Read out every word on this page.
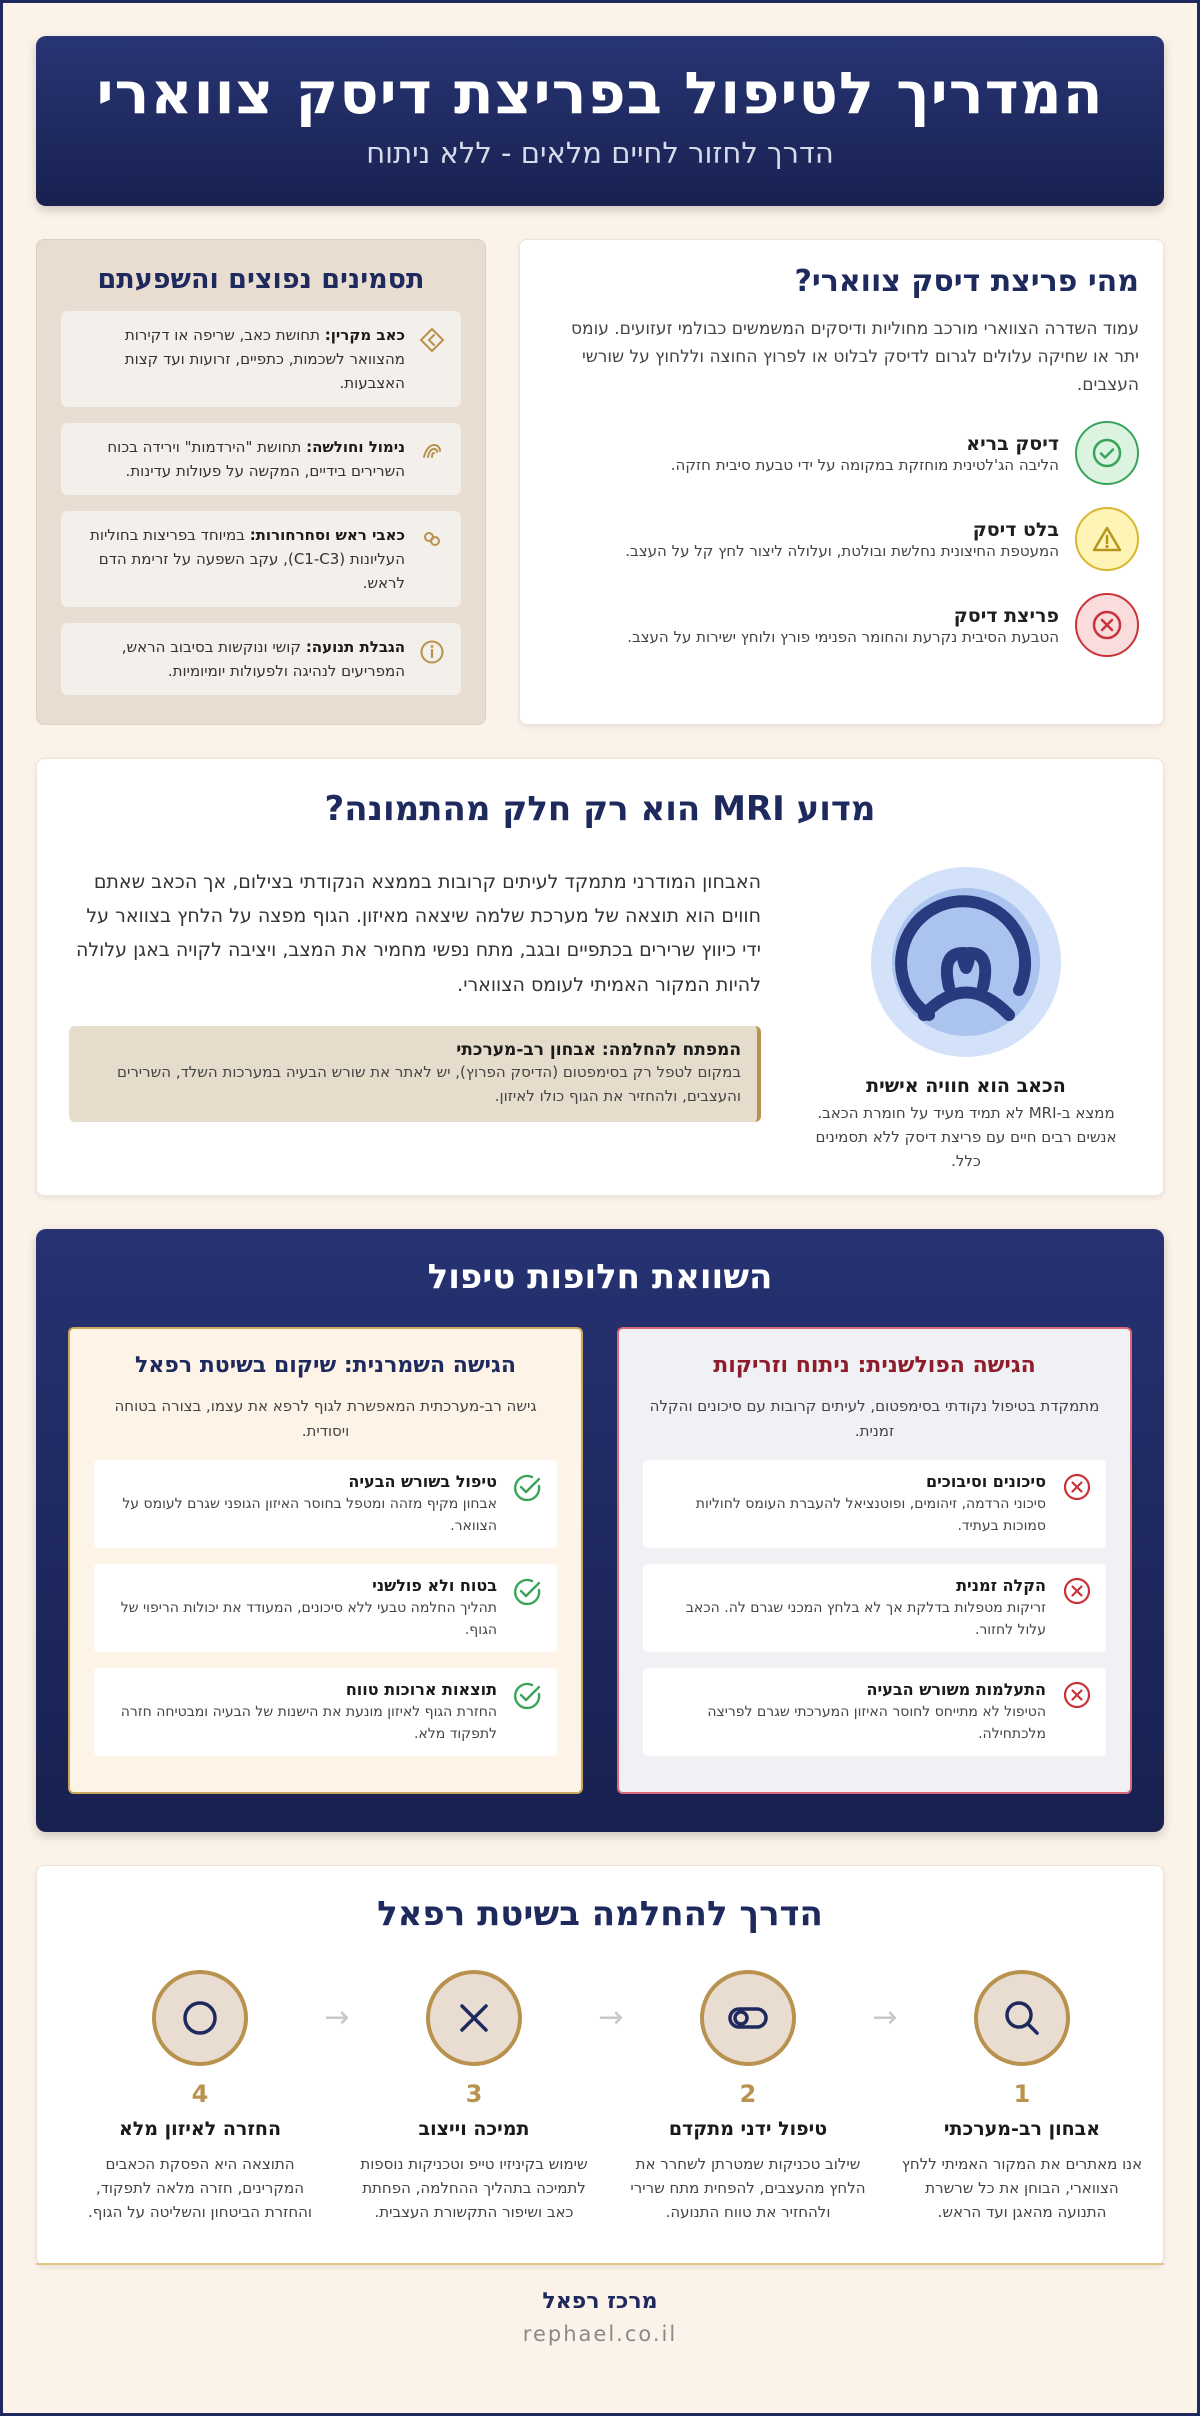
המדריך לטיפול בפריצת דיסק צווארי
הדרך לחזור לחיים מלאים - ללא ניתוח
מהי פריצת דיסק צווארי?

עמוד השדרה הצווארי מורכב מחוליות ודיסקים המשמשים כבולמי זעזועים. עומס יתר או שחיקה עלולים לגרום לדיסק לבלוט או לפרוץ החוצה וללחוץ על שורשי העצבים.

דיסק בריא
הליבה הג'לטינית מוחזקת במקומה על ידי טבעת סיבית חזקה.
בלט דיסק
המעטפת החיצונית נחלשת ובולטת, ועלולה ליצור לחץ קל על העצב.
פריצת דיסק
הטבעת הסיבית נקרעת והחומר הפנימי פורץ ולוחץ ישירות על העצב.
תסמינים נפוצים והשפעתם

כאב מקרין: תחושת כאב, שריפה או דקירות מהצוואר לשכמות, כתפיים, זרועות ועד קצות האצבעות.

נימול וחולשה: תחושת "הירדמות" וירידה בכוח השרירים בידיים, המקשה על פעולות עדינות.

כאבי ראש וסחרחורות: במיוחד בפריצות בחוליות העליונות (C1-C3), עקב השפעה על זרימת הדם לראש.

הגבלת תנועה: קושי ונוקשות בסיבוב הראש, המפריעים לנהיגה ולפעולות יומיומיות.

מדוע MRI הוא רק חלק מהתמונה?
הכאב הוא חוויה אישית
ממצא ב-MRI לא תמיד מעיד על חומרת הכאב. אנשים רבים חיים עם פריצת דיסק ללא תסמינים כלל.

האבחון המודרני מתמקד לעיתים קרובות בממצא הנקודתי בצילום, אך הכאב שאתם חווים הוא תוצאה של מערכת שלמה שיצאה מאיזון. הגוף מפצה על הלחץ בצוואר על ידי כיווץ שרירים בכתפיים ובגב, מתח נפשי מחמיר את המצב, ויציבה לקויה באגן עלולה להיות המקור האמיתי לעומס הצווארי.

המפתח להחלמה: אבחון רב-מערכתי
במקום לטפל רק בסימפטום (הדיסק הפרוץ), יש לאתר את שורש הבעיה במערכות השלד, השרירים והעצבים, ולהחזיר את הגוף כולו לאיזון.
השוואת חלופות טיפול
הגישה הפולשנית: ניתוח וזריקות

מתמקדת בטיפול נקודתי בסימפטום, לעיתים קרובות עם סיכונים והקלה זמנית.

סיכונים וסיבוכים
סיכוני הרדמה, זיהומים, ופוטנציאל להעברת העומס לחוליות סמוכות בעתיד.
הקלה זמנית
זריקות מטפלות בדלקת אך לא בלחץ המכני שגרם לה. הכאב עלול לחזור.
התעלמות משורש הבעיה
הטיפול לא מתייחס לחוסר האיזון המערכתי שגרם לפריצה מלכתחילה.
הגישה השמרנית: שיקום בשיטת רפאל

גישה רב-מערכתית המאפשרת לגוף לרפא את עצמו, בצורה בטוחה ויסודית.

טיפול בשורש הבעיה
אבחון מקיף מזהה ומטפל בחוסר האיזון הגופני שגרם לעומס על הצוואר.
בטוח ולא פולשני
תהליך החלמה טבעי ללא סיכונים, המעודד את יכולות הריפוי של הגוף.
תוצאות ארוכות טווח
החזרת הגוף לאיזון מונעת את הישנות של הבעיה ומבטיחה חזרה לתפקוד מלא.
הדרך להחלמה בשיטת רפאל
1
אבחון רב-מערכתי
אנו מאתרים את המקור האמיתי ללחץ הצווארי, הבוחן את כל שרשרת התנועה מהאגן ועד הראש.
→
2
טיפול ידני מתקדם
שילוב טכניקות שמטרתן לשחרר את הלחץ מהעצבים, להפחית מתח שרירי ולהחזיר את טווח התנועה.
→
3
תמיכה וייצוב
שימוש בקיניזיו טייפ וטכניקות נוספות לתמיכה בתהליך ההחלמה, הפחתת כאב ושיפור התקשורת העצבית.
→
4
החזרה לאיזון מלא
התוצאה היא הפסקת הכאבים המקרינים, חזרה מלאה לתפקוד, והחזרת הביטחון והשליטה על הגוף.
מרכז רפאל
rephael.co.il
